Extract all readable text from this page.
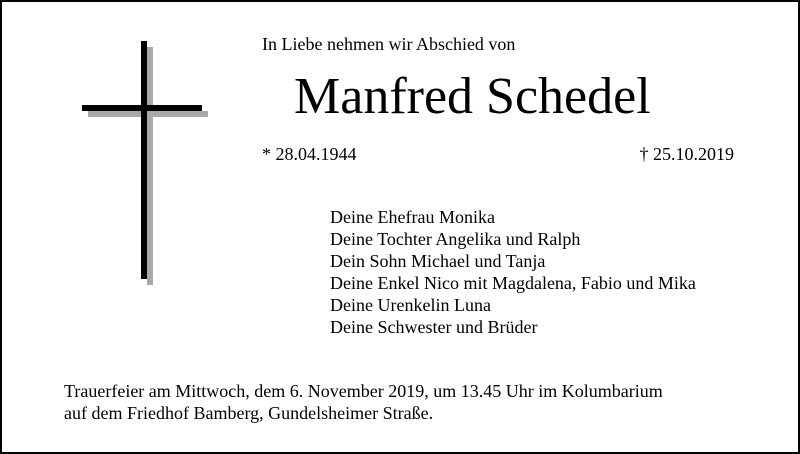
In Liebe nehmen wir Abschied von
Manfred Schedel
* 28.04.1944	† 25.10.2019
Deine Ehefrau Monika
Deine Tochter Angelika und Ralph
Dein Sohn Michael und Tanja
Deine Enkel Nico mit Magdalena, Fabio und Mika
Deine Urenkelin Luna
Deine Schwester und Brüder
Trauerfeier am Mittwoch, dem 6. November 2019, um 13.45 Uhr im Kolumbarium
auf dem Friedhof Bamberg, Gundelsheimer Straße.
